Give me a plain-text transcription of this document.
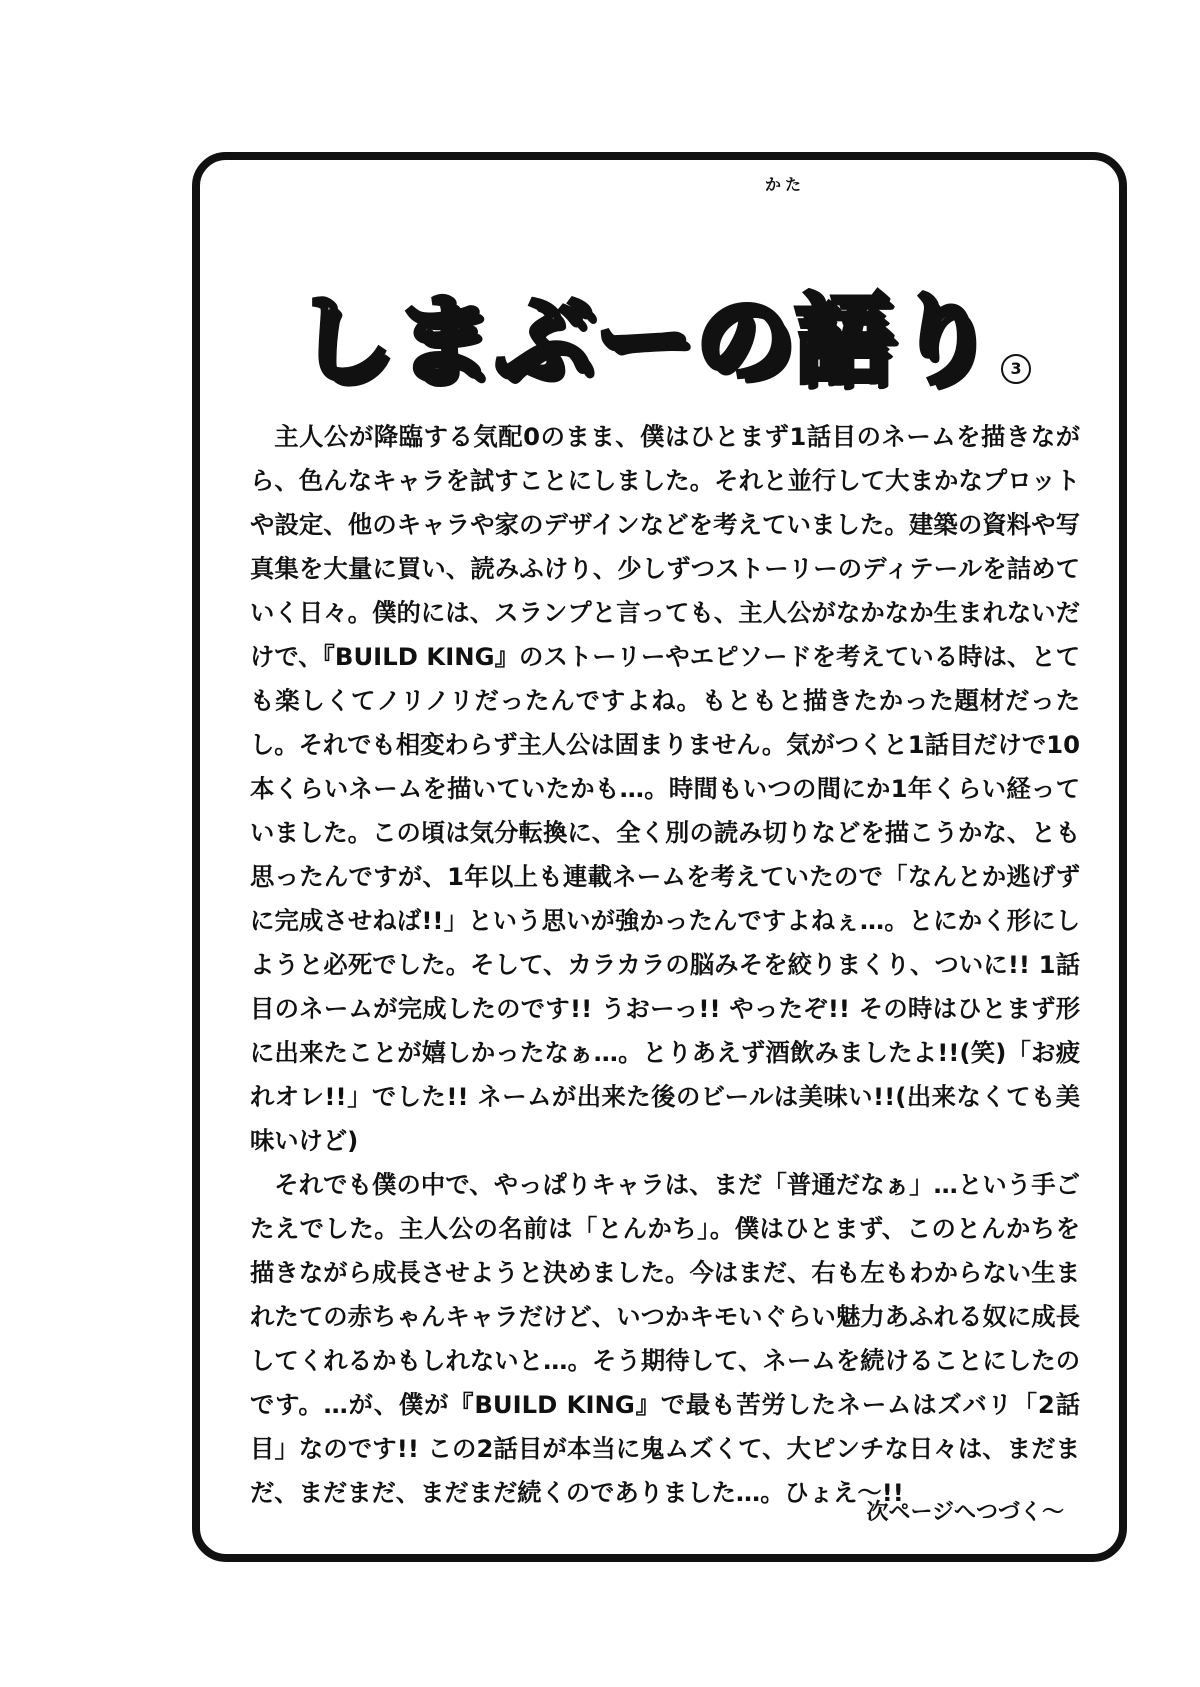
しまぶーの語り 3
かた

主人公が降臨する気配0のまま、僕はひとまず1話目のネームを描きながら、色んなキャラを試すことにしました。それと並行して大まかなプロットや設定、他のキャラや家のデザインなどを考えていました。建築の資料や写真集を大量に買い、読みふけり、少しずつストーリーのディテールを詰めていく日々。僕的には、スランプと言っても、主人公がなかなか生まれないだけで、『BUILD KING』のストーリーやエピソードを考えている時は、とても楽しくてノリノリだったんですよね。もともと描きたかった題材だったし。それでも相変わらず主人公は固まりません。気がつくと1話目だけで10本くらいネームを描いていたかも…。時間もいつの間にか1年くらい経っていました。この頃は気分転換に、全く別の読み切りなどを描こうかな、とも思ったんですが、1年以上も連載ネームを考えていたので「なんとか逃げずに完成させねば!!」という思いが強かったんですよねぇ…。とにかく形にしようと必死でした。そして、カラカラの脳みそを絞りまくり、ついに!! 1話目のネームが完成したのです!! うおーっ!! やったぞ!! その時はひとまず形に出来たことが嬉しかったなぁ…。とりあえず酒飲みましたよ!!(笑)「お疲れオレ!!」でした!! ネームが出来た後のビールは美味い!!(出来なくても美味いけど)

それでも僕の中で、やっぱりキャラは、まだ「普通だなぁ」…という手ごたえでした。主人公の名前は「とんかち」。僕はひとまず、このとんかちを描きながら成長させようと決めました。今はまだ、右も左もわからない生まれたての赤ちゃんキャラだけど、いつかキモいぐらい魅力あふれる奴に成長してくれるかもしれないと…。そう期待して、ネームを続けることにしたのです。…が、僕が『BUILD KING』で最も苦労したネームはズバリ「2話目」なのです!! この2話目が本当に鬼ムズくて、大ピンチな日々は、まだまだ、まだまだ、まだまだ続くのでありました…。ひょえ〜!!

次ページへつづく〜
